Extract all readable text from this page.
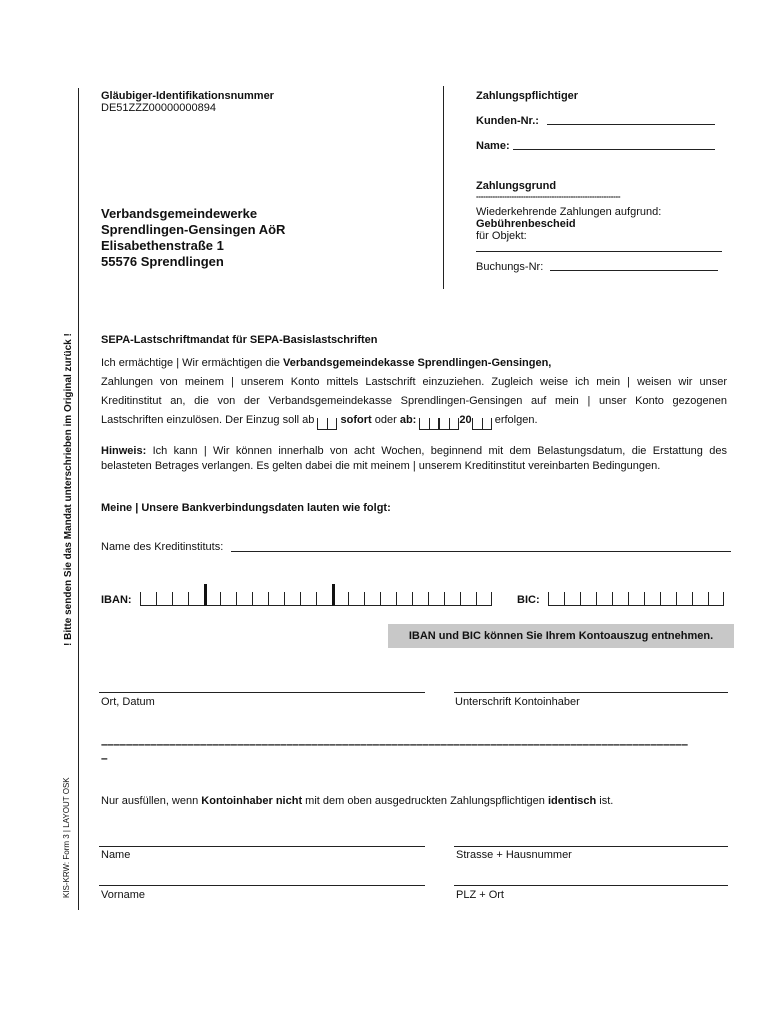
! Bitte senden Sie das Mandat unterschrieben im Original zurück !
KIS-KRW: Form 3 | LAYOUT OSK
Gläubiger-Identifikationsnummer
DE51ZZZ00000000894
Verbandsgemeindewerke
Sprendlingen-Gensingen AöR
Elisabethenstraße 1
55576 Sprendlingen
Zahlungspflichtiger
Kunden-Nr.:
Name:
Zahlungsgrund
-------------------------------------------------------------
Wiederkehrende Zahlungen aufgrund:
Gebührenbescheid
für Objekt:
Buchungs-Nr:
SEPA-Lastschriftmandat für SEPA-Basislastschriften
Ich ermächtige | Wir ermächtigen die Verbandsgemeindekasse Sprendlingen-Gensingen,
Zahlungen von meinem | unserem Konto mittels Lastschrift einzuziehen. Zugleich weise ich mein | weisen wir unser
Kreditinstitut an, die von der Verbandsgemeindekasse Sprendlingen-Gensingen auf mein | unser Konto gezogenen
Lastschriften einzulösen. Der Einzug soll ab
sofort oder ab:	20
erfolgen.
Hinweis: Ich kann | Wir können innerhalb von acht Wochen, beginnend mit dem Belastungsdatum, die Erstattung des
belasteten Betrages verlangen. Es gelten dabei die mit meinem | unserem Kreditinstitut vereinbarten Bedingungen.
Meine | Unsere Bankverbindungsdaten lauten wie folgt:
Name des Kreditinstituts:
IBAN:	BIC:
IBAN und BIC können Sie Ihrem Kontoauszug entnehmen.
Ort, Datum	Unterschrift Kontoinhaber
–––––––––––––––––––––––––––––––––––––––––––––––––––––––––––––––––––––––––––––––––––––––––––––––
–
Nur ausfüllen, wenn Kontoinhaber nicht mit dem oben ausgedruckten Zahlungspflichtigen identisch ist.
Name	Strasse + Hausnummer
Vorname	PLZ + Ort
